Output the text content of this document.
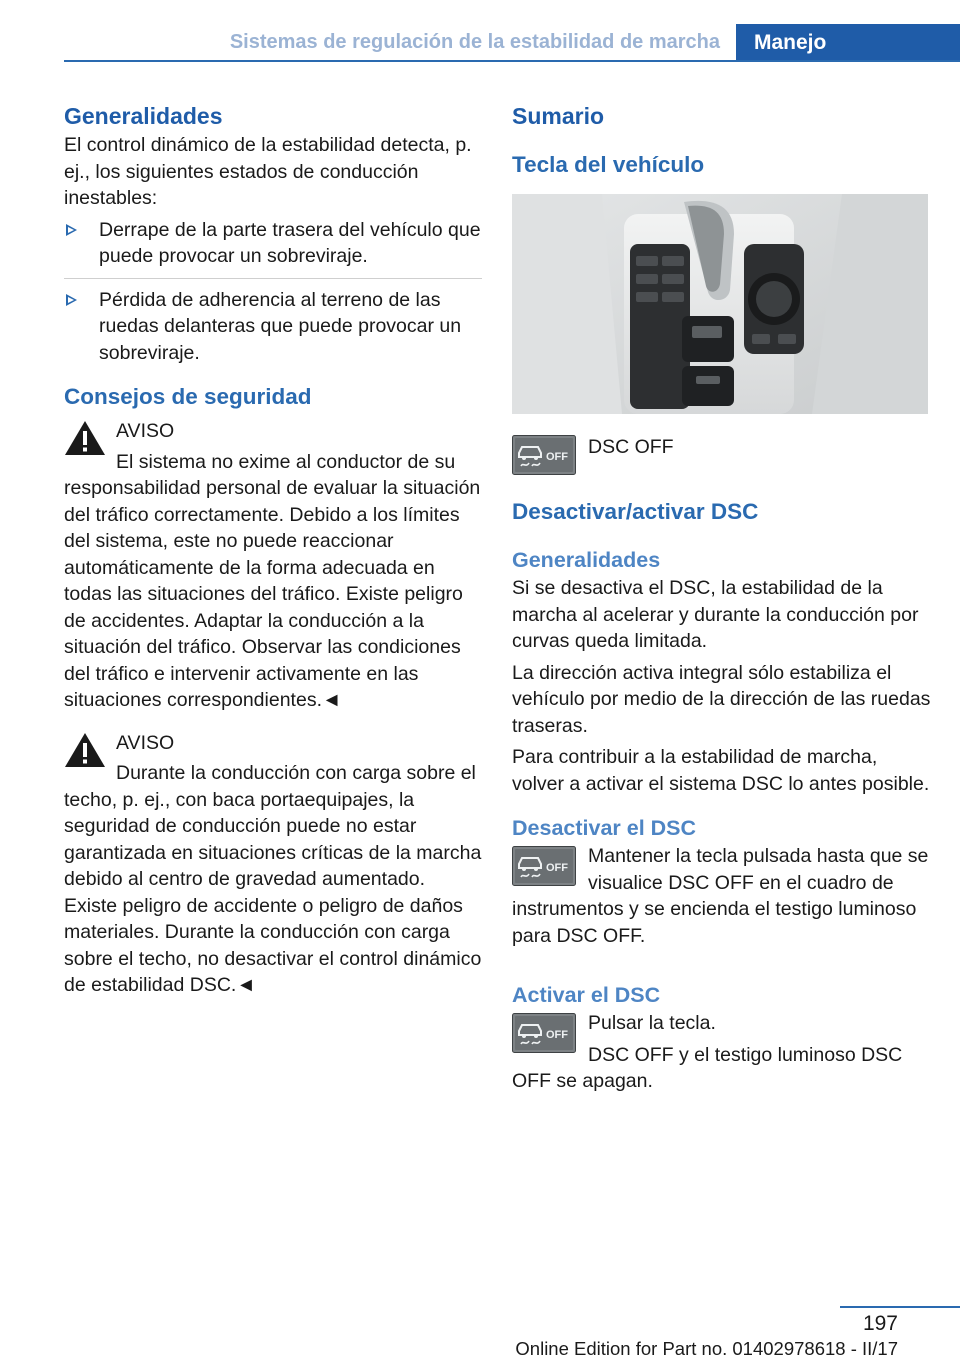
Sistemas de regulación de la estabilidad de marcha	Manejo
Generalidades

El control dinámico de la estabilidad detecta, p. ej., los siguientes estados de conducción inestables:

Derrape de la parte trasera del vehículo que puede provocar un sobreviraje.
Pérdida de adherencia al terreno de las ruedas delanteras que puede provocar un sobreviraje.
Consejos de seguridad

AVISO

El sistema no exime al conductor de su responsabilidad personal de evaluar la situación del tráfico correctamente. Debido a los límites del sistema, este no puede reaccionar automáticamente de la forma adecuada en todas las situaciones del tráfico. Existe peligro de accidentes. Adaptar la conducción a la situación del tráfico. Observar las condiciones del tráfico e intervenir activamente en las situaciones correspondientes.◄

AVISO

Durante la conducción con carga sobre el techo, p. ej., con baca portaequipajes, la seguridad de conducción puede no estar garantizada en situaciones críticas de la marcha debido al centro de gravedad aumentado. Existe peligro de accidente o peligro de daños materiales. Durante la conducción con carga sobre el techo, no desactivar el control dinámico de estabilidad DSC.◄

Sumario
Tecla del vehículo
OFF	DSC OFF

Desactivar/activar DSC
Generalidades

Si se desactiva el DSC, la estabilidad de la marcha al acelerar y durante la conducción por curvas queda limitada.

La dirección activa integral sólo estabiliza el vehículo por medio de la dirección de las ruedas traseras.

Para contribuir a la estabilidad de marcha, volver a activar el sistema DSC lo antes posible.

Desactivar el DSC
OFF

Mantener la tecla pulsada hasta que se visualice DSC OFF en el cuadro de instrumentos y se encienda el testigo luminoso para DSC OFF.

Activar el DSC
OFF

Pulsar la tecla.

DSC OFF y el testigo luminoso DSC OFF se apagan.

197
Online Edition for Part no. 01402978618 - II/17
